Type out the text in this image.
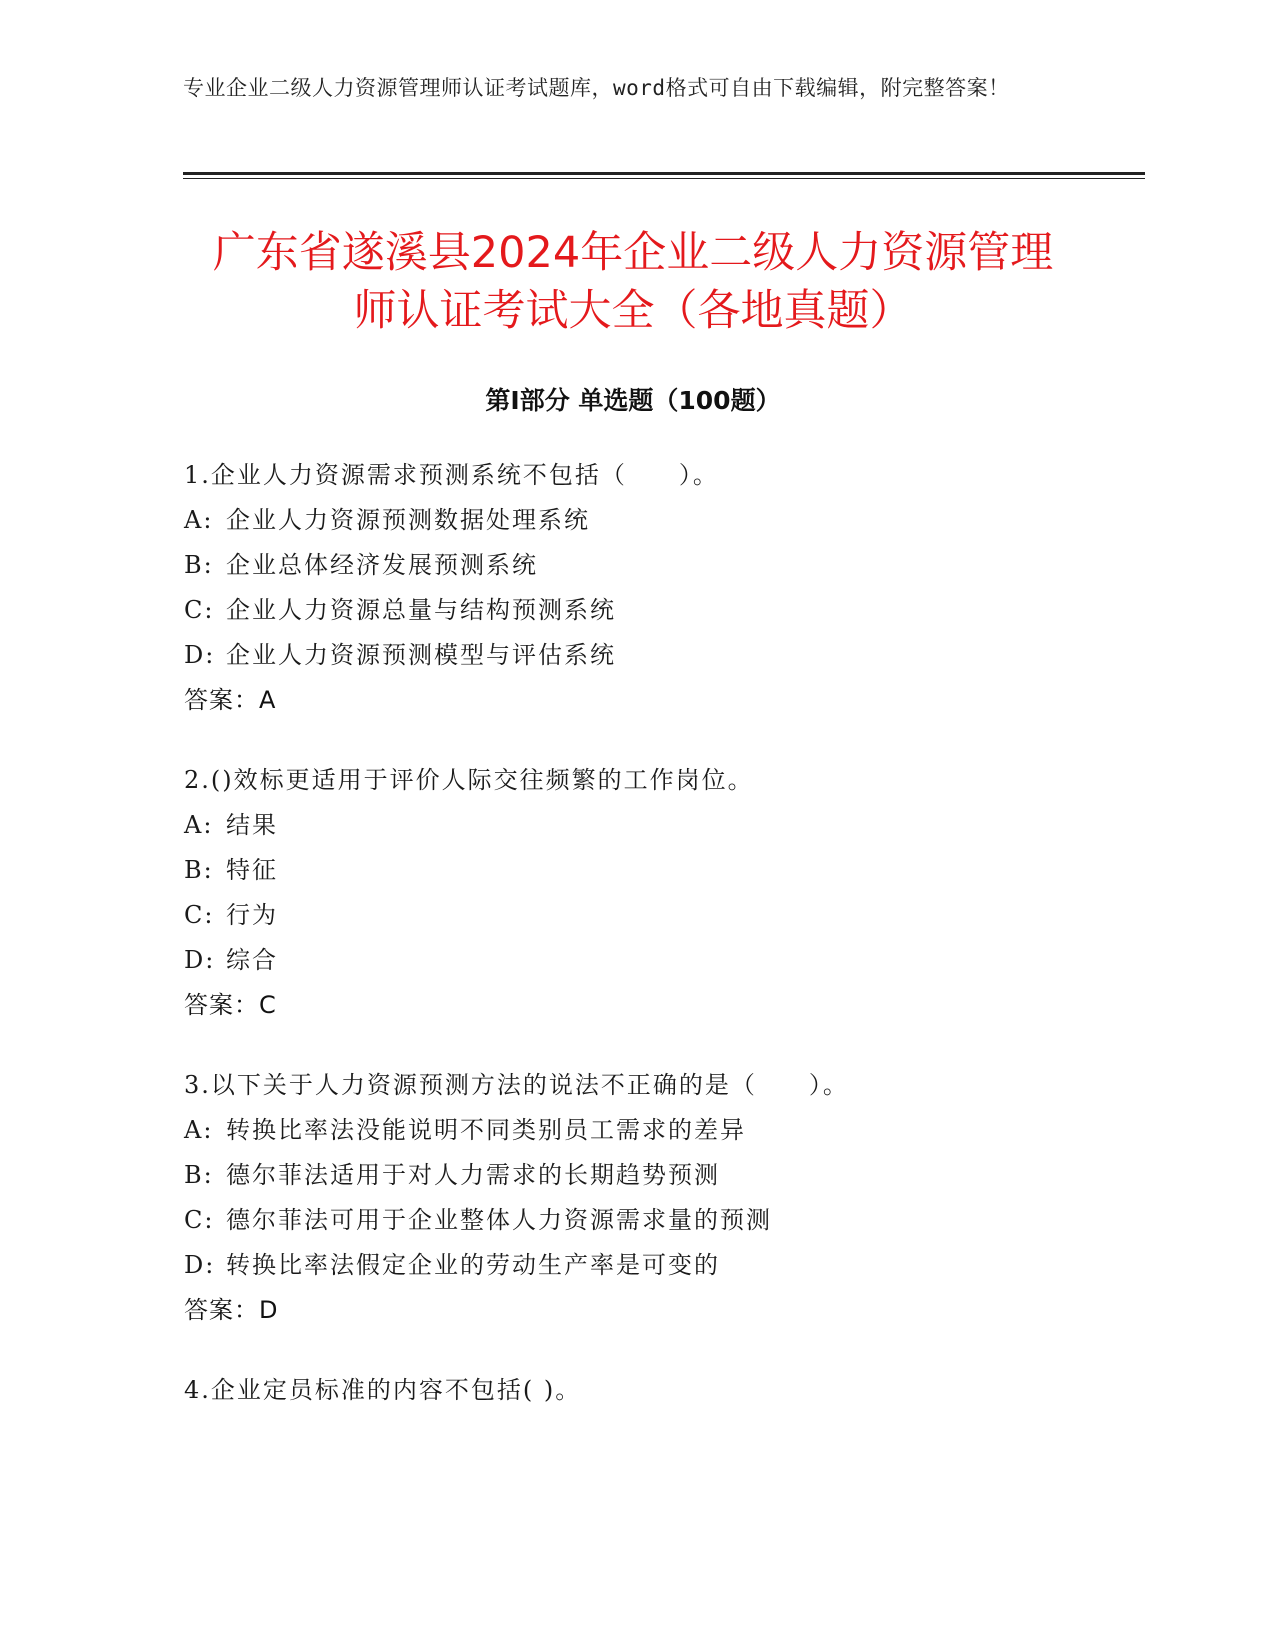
专业企业二级人力资源管理师认证考试题库，word格式可自由下载编辑，附完整答案！
广东省遂溪县2024年企业二级人力资源管理
师认证考试大全（各地真题）
第Ⅰ部分 单选题（100题）
1.企业人力资源需求预测系统不包括（　　）。
A: 企业人力资源预测数据处理系统
B: 企业总体经济发展预测系统
C: 企业人力资源总量与结构预测系统
D: 企业人力资源预测模型与评估系统
答案：A
2.()效标更适用于评价人际交往频繁的工作岗位。
A: 结果
B: 特征
C: 行为
D: 综合
答案：C
3.以下关于人力资源预测方法的说法不正确的是（　　）。
A: 转换比率法没能说明不同类别员工需求的差异
B: 德尔菲法适用于对人力需求的长期趋势预测
C: 德尔菲法可用于企业整体人力资源需求量的预测
D: 转换比率法假定企业的劳动生产率是可变的
答案：D
4.企业定员标准的内容不包括( )。
